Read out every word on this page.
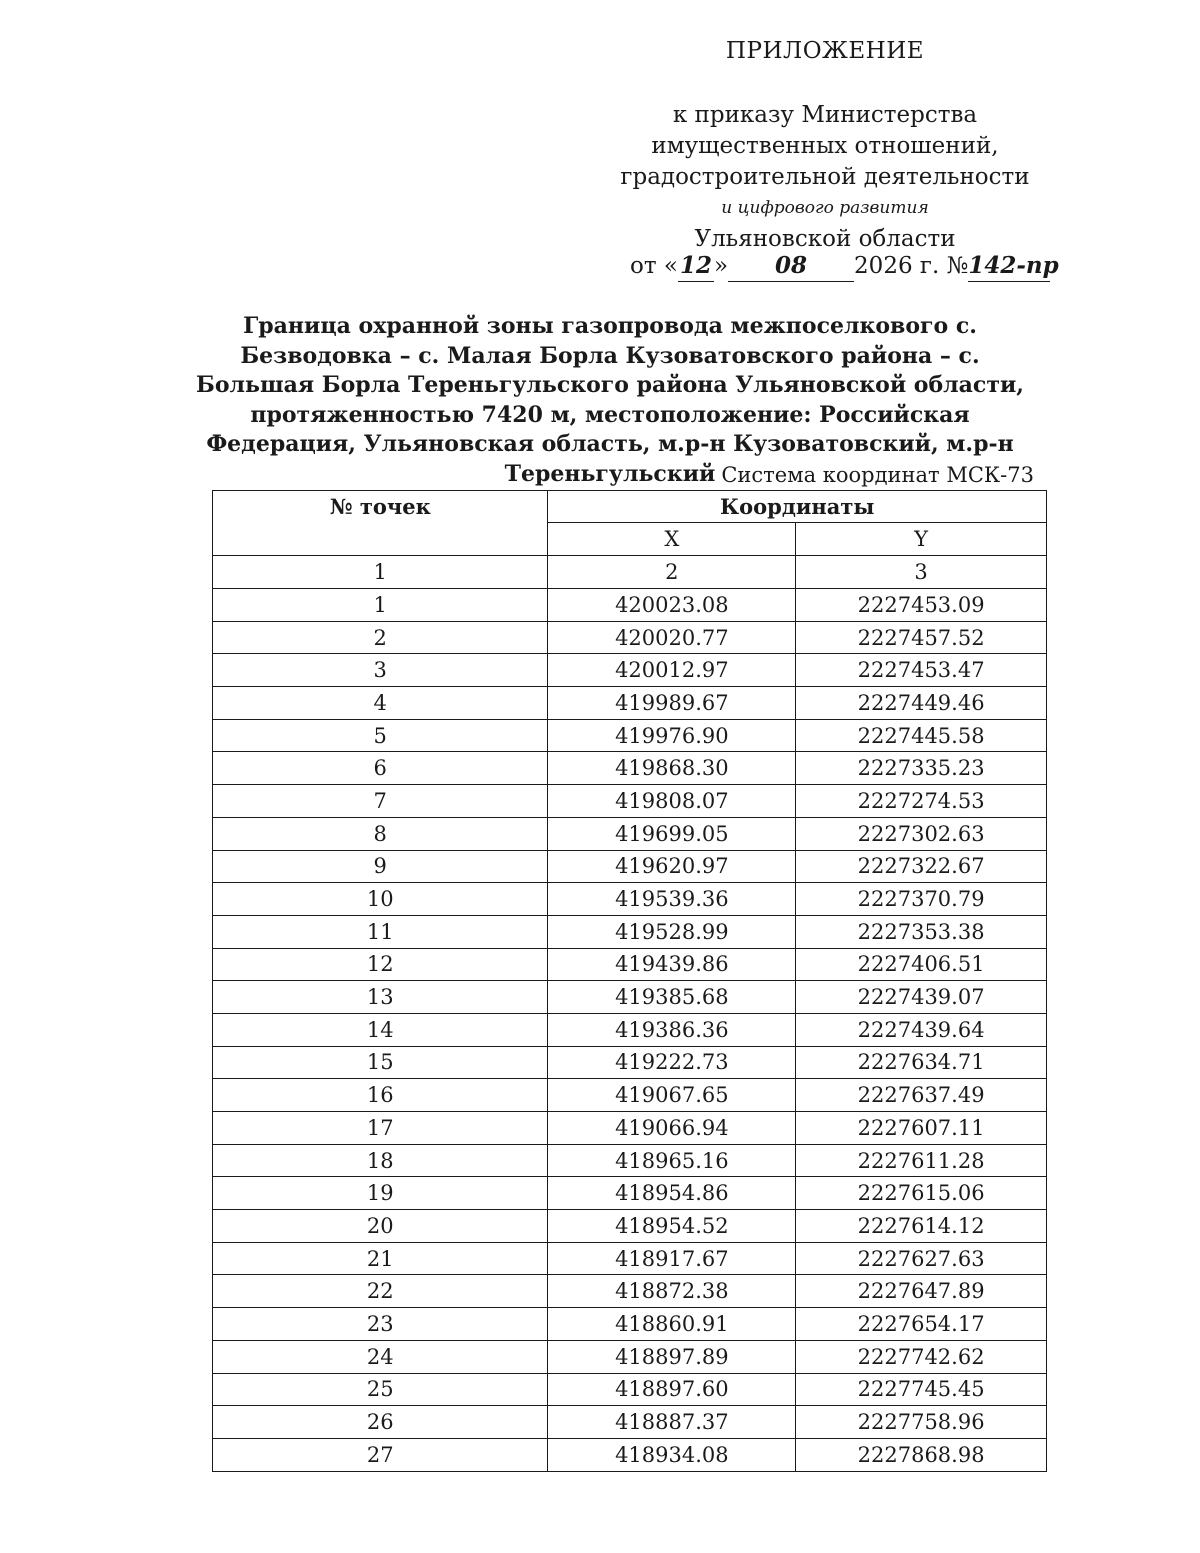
ПРИЛОЖЕНИЕ
к приказу Министерства
имущественных отношений,
градостроительной деятельности
и цифрового развития
Ульяновской области
от «12» 08 2026 г. №142-пр
Граница охранной зоны газопровода межпоселкового с. Безводовка – с. Малая Борла Кузоватовского района – с. Большая Борла Тереньгульского района Ульяновской области, протяженностью 7420 м, местоположение: Российская Федерация, Ульяновская область, м.р-н Кузоватовский, м.р-н Тереньгульский Система координат МСК-73
№ точек	Координаты	
	X	Y
1	2	3
1	420023.08	2227453.09
2	420020.77	2227457.52
3	420012.97	2227453.47
4	419989.67	2227449.46
5	419976.90	2227445.58
6	419868.30	2227335.23
7	419808.07	2227274.53
8	419699.05	2227302.63
9	419620.97	2227322.67
10	419539.36	2227370.79
11	419528.99	2227353.38
12	419439.86	2227406.51
13	419385.68	2227439.07
14	419386.36	2227439.64
15	419222.73	2227634.71
16	419067.65	2227637.49
17	419066.94	2227607.11
18	418965.16	2227611.28
19	418954.86	2227615.06
20	418954.52	2227614.12
21	418917.67	2227627.63
22	418872.38	2227647.89
23	418860.91	2227654.17
24	418897.89	2227742.62
25	418897.60	2227745.45
26	418887.37	2227758.96
27	418934.08	2227868.98
